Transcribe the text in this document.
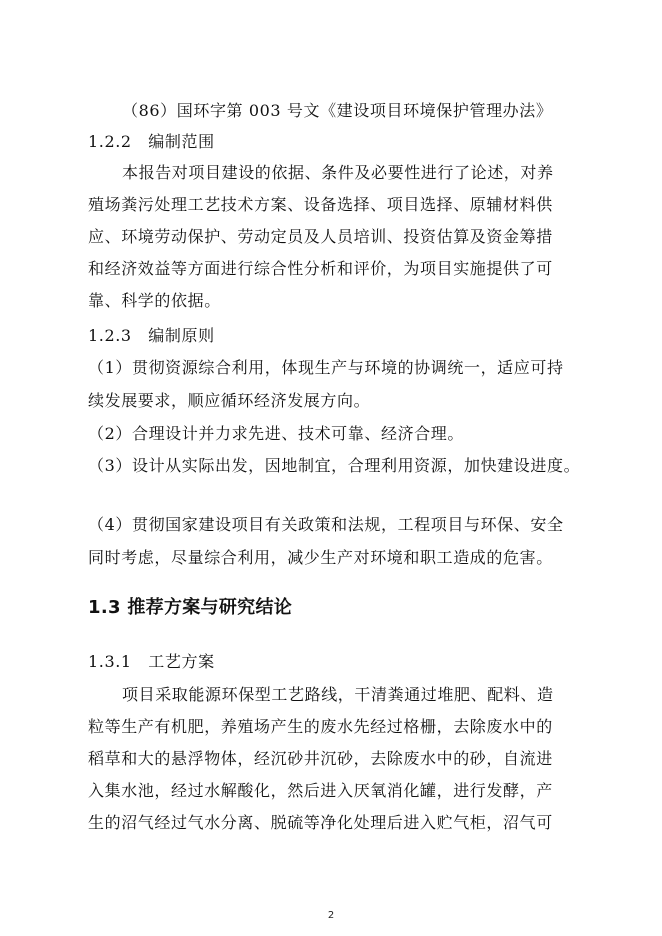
（86）国环字第 003 号文《建设项目环境保护管理办法》
1.2.2　编制范围
本报告对项目建设的依据、条件及必要性进行了论述，对养
殖场粪污处理工艺技术方案、设备选择、项目选择、原辅材料供
应、环境劳动保护、劳动定员及人员培训、投资估算及资金筹措
和经济效益等方面进行综合性分析和评价，为项目实施提供了可
靠、科学的依据。
1.2.3　编制原则
（1）贯彻资源综合利用，体现生产与环境的协调统一，适应可持
续发展要求，顺应循环经济发展方向。
（2）合理设计并力求先进、技术可靠、经济合理。
（3）设计从实际出发，因地制宜，合理利用资源，加快建设进度。
（4）贯彻国家建设项目有关政策和法规，工程项目与环保、安全
同时考虑，尽量综合利用，减少生产对环境和职工造成的危害。
1.3 推荐方案与研究结论
1.3.1　工艺方案
项目采取能源环保型工艺路线，干清粪通过堆肥、配料、造
粒等生产有机肥，养殖场产生的废水先经过格栅，去除废水中的
稻草和大的悬浮物体，经沉砂井沉砂，去除废水中的砂，自流进
入集水池，经过水解酸化，然后进入厌氧消化罐，进行发酵，产
生的沼气经过气水分离、脱硫等净化处理后进入贮气柜，沼气可
2
